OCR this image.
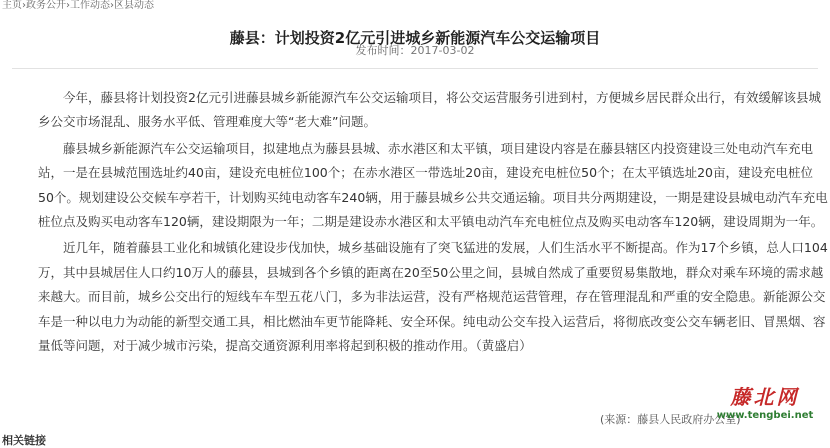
主页›政务公开›工作动态›区县动态
藤县：计划投资2亿元引进城乡新能源汽车公交运输项目
发布时间：2017-03-02

今年，藤县将计划投资2亿元引进藤县城乡新能源汽车公交运输项目，将公交运营服务引进到村，方便城乡居民群众出行，有效缓解该县城乡公交市场混乱、服务水平低、管理难度大等“老大难”问题。

藤县城乡新能源汽车公交运输项目，拟建地点为藤县县城、赤水港区和太平镇，项目建设内容是在藤县辖区内投资建设三处电动汽车充电站，一是在县城范围选址约40亩，建设充电桩位100个；在赤水港区一带选址20亩，建设充电桩位50个；在太平镇选址20亩，建设充电桩位50个。规划建设公交候车亭若干，计划购买纯电动客车240辆，用于藤县城乡公共交通运输。项目共分两期建设，一期是建设县城电动汽车充电桩位点及购买电动客车120辆，建设期限为一年；二期是建设赤水港区和太平镇电动汽车充电桩位点及购买电动客车120辆，建设周期为一年。

近几年，随着藤县工业化和城镇化建设步伐加快，城乡基础设施有了突飞猛进的发展，人们生活水平不断提高。作为17个乡镇，总人口104万，其中县城居住人口约10万人的藤县，县城到各个乡镇的距离在20至50公里之间，县城自然成了重要贸易集散地，群众对乘车环境的需求越来越大。而目前，城乡公交出行的短线车车型五花八门，多为非法运营，没有严格规范运营管理，存在管理混乱和严重的安全隐患。新能源公交车是一种以电力为动能的新型交通工具，相比燃油车更节能降耗、安全环保。纯电动公交车投入运营后，将彻底改变公交车辆老旧、冒黑烟、容量低等问题，对于减少城市污染，提高交通资源利用率将起到积极的推动作用。（黄盛启）

(来源：藤县人民政府办公室)
藤北网
www.tengbei.net
相关链接
